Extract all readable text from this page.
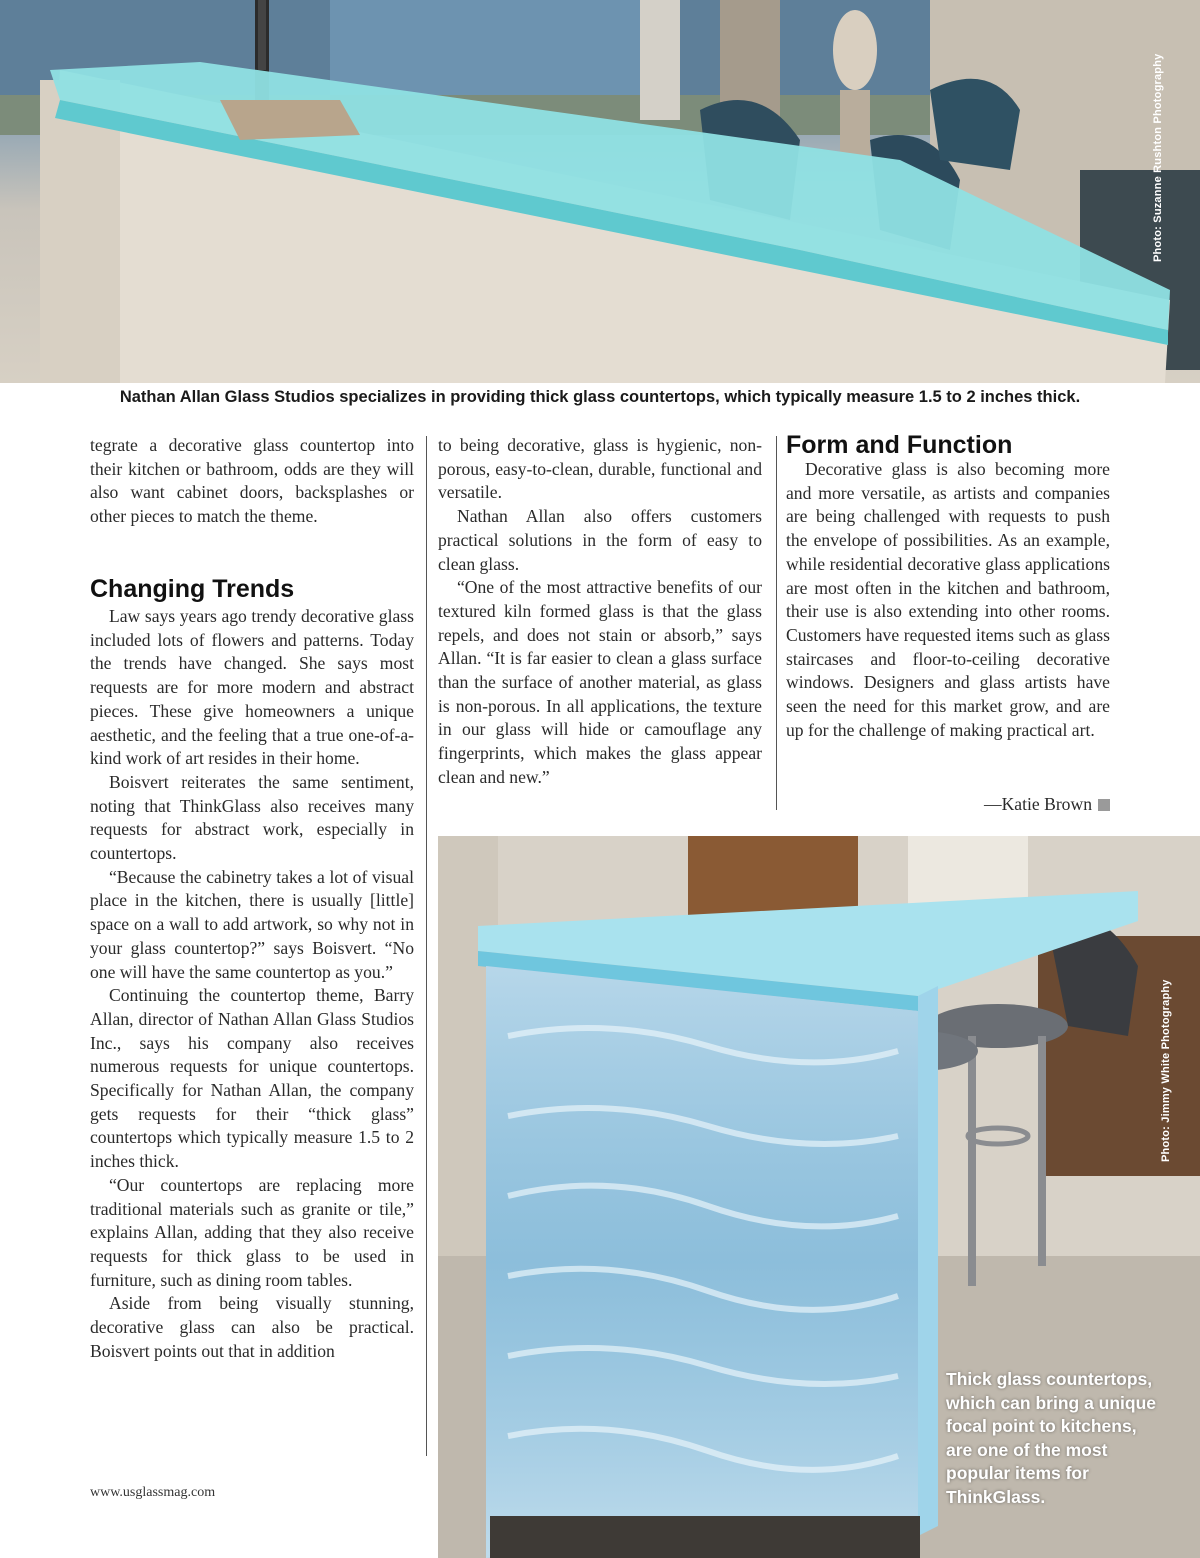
Photo: Suzanne Rushton Photography
Nathan Allan Glass Studios specializes in providing thick glass countertops, which typically measure 1.5 to 2 inches thick.

tegrate a decorative glass countertop into their kitchen or bathroom, odds are they will also want cabinet doors, backsplashes or other pieces to match the theme.

Changing Trends

Law says years ago trendy decorative glass included lots of flowers and patterns. Today the trends have changed. She says most requests are for more modern and abstract pieces. These give homeowners a unique aesthetic, and the feeling that a true one-of-a-kind work of art resides in their home.

Boisvert reiterates the same sentiment, noting that ThinkGlass also receives many requests for abstract work, especially in countertops.

“Because the cabinetry takes a lot of visual place in the kitchen, there is usually [little] space on a wall to add artwork, so why not in your glass countertop?” says Boisvert. “No one will have the same countertop as you.”

Continuing the countertop theme, Barry Allan, director of Nathan Allan Glass Studios Inc., says his company also receives numerous requests for unique countertops. Specifically for Nathan Allan, the company gets requests for their “thick glass” countertops which typically measure 1.5 to 2 inches thick.

“Our countertops are replacing more traditional materials such as granite or tile,” explains Allan, adding that they also receive requests for thick glass to be used in furniture, such as dining room tables.

Aside from being visually stunning, decorative glass can also be practical. Boisvert points out that in addition

to being decorative, glass is hygienic, non-porous, easy-to-clean, durable, functional and versatile.

Nathan Allan also offers customers practical solutions in the form of easy to clean glass.

“One of the most attractive benefits of our textured kiln formed glass is that the glass repels, and does not stain or absorb,” says Allan. “It is far easier to clean a glass surface than the surface of another material, as glass is non-porous. In all applications, the texture in our glass will hide or camouflage any fingerprints, which makes the glass appear clean and new.”

Form and Function

Decorative glass is also becoming more and more versatile, as artists and companies are being challenged with requests to push the envelope of possibilities. As an example, while residential decorative glass applications are most often in the kitchen and bathroom, their use is also extending into other rooms. Customers have requested items such as glass staircases and floor-to-ceiling decorative windows. Designers and glass artists have seen the need for this market grow, and are up for the challenge of making practical art.

—Katie Brown
Photo: Jimmy White Photography
Thick glass countertops, which can bring a unique focal point to kitchens, are one of the most popular items for ThinkGlass.
www.usglassmag.com
